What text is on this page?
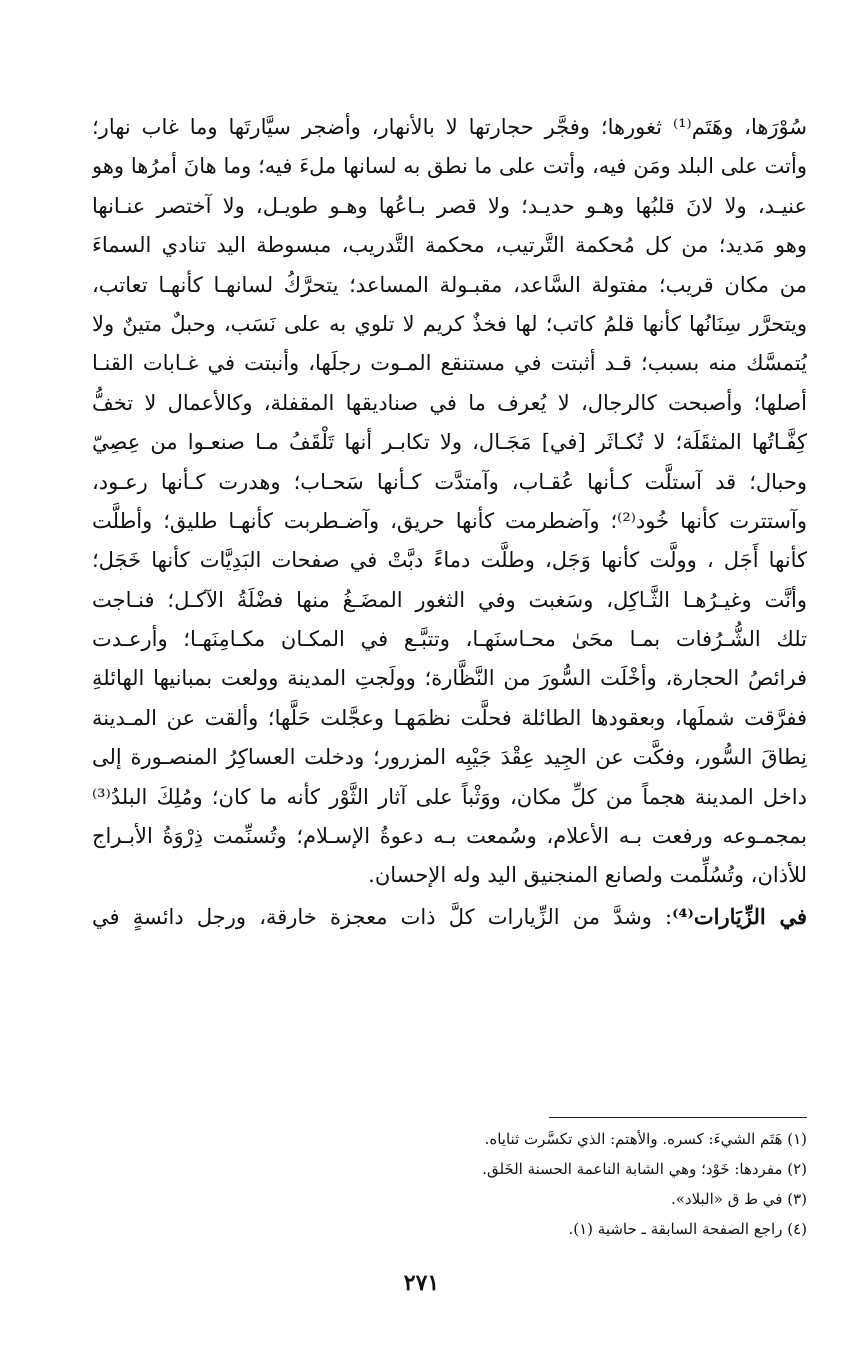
سُوْرَها، وهَتَم⁽¹⁾ ثغورها؛ وفجَّر حجارتها لا بالأنهار، وأضجر سيَّارتَها وما غاب نهار؛
وأتت على البلد ومَن فيه، وأتت على ما نطق به لسانها ملءَ فيه؛ وما هانَ أمرُها وهو
عنيـد، ولا لانَ قلبُها وهـو حديـد؛ ولا قصر بـاعُها وهـو طويـل، ولا آختصر عنـانها
وهو مَديد؛ من كل مُحكمة التَّرتيب، محكمة التَّدريب، مبسوطة اليد تنادي السماءَ
من مكان قريب؛ مفتولة السَّاعد، مقبـولة المساعد؛ يتحرَّكُ لسانهـا كأنهـا تعاتب،
ويتحرَّر سِنَانُها كأنها قلمُ كاتب؛ لها فخذٌ كريم لا تلوي به على نَسَب، وحبلٌ متينٌ ولا
يُتمسَّك منه بسبب؛ قـد أثبتت في مستنقع المـوت رجلَها، وأنبتت في غـابات القنـا
أصلها؛ وأصبحت كالرجال، لا يُعرف ما في صناديقها المقفلة، وكالأعمال لا تخفُّ
كِفَّـاتُها المثقَلَة؛ لا تُكـاثَر [في] مَجَـال، ولا تكابـر أنها تَلْقَفُ مـا صنعـوا من عِصِيّ
وحبال؛ قد آستلَّت كـأنها عُقـاب، وآمتدَّت كـأنها سَحـاب؛ وهدرت كـأنها رعـود،
وآستترت كأنها خُود⁽²⁾؛ وآضطرمت كأنها حريق، وآضـطربت كأنهـا طليق؛ وأطلَّت
كأنها أَجَل ، وولَّت كأنها وَجَل، وطلَّت دماءً دبَّتْ في صفحات البَدِيَّات كأنها خَجَل؛
وأنَّت وغيـرُهـا الثَّـاكِل، وسَغبت وفي الثغور المضَـغُ منها فضْلَةُ الآكـل؛ فنـاجت
تلك الشُّـرُفات بمـا محَىٰ محـاسنَهـا، وتتبَّـع في المكـان مكـامِنَهـا؛ وأرعـدت
فرائصُ الحجارة، وأخْلَت السُّورَ من النَّظَّارة؛ وولَجتِ المدينة وولعت بمبانيها الهائلةِ
ففرَّقت شملَها، وبعقودها الطائلة فحلَّت نظمَهـا وعجَّلت حَلَّها؛ وألقت عن المـدينة
نِطاقَ السُّور، وفكَّت عن الجِيد عِقْدَ جَيْبِه المزرور؛ ودخلت العساكِرُ المنصـورة إلى
داخل المدينة هجماً من كلِّ مكان، ووَثْباً على آثار الثَّوْر كأنه ما كان؛ ومُلِكَ البلدُ⁽³⁾
بمجمـوعه ورفعت بـه الأعلام، وسُمعت بـه دعوةُ الإسـلام؛ وتُسنِّمت ذِرْوَةُ الأبـراج
للأذان، وتُسُلِّمت ولصانع المنجنيق اليد وله الإحسان.
في الزِّيَارات⁽⁴⁾: وشدَّ من الزِّيارات كلَّ ذات معجزة خارقة، ورجل دائسةٍ في
(١) هَتَم الشيءَ: كسره. والأهتم: الذي تكسَّرت ثناياه.
(٢) مفردها: خَوْد؛ وهي الشابة الناعمة الحسنة الخَلق.
(٣) في ط ق «البلاد».
(٤) راجع الصفحة السابقة ـ حاشية (١).
٢٧١
